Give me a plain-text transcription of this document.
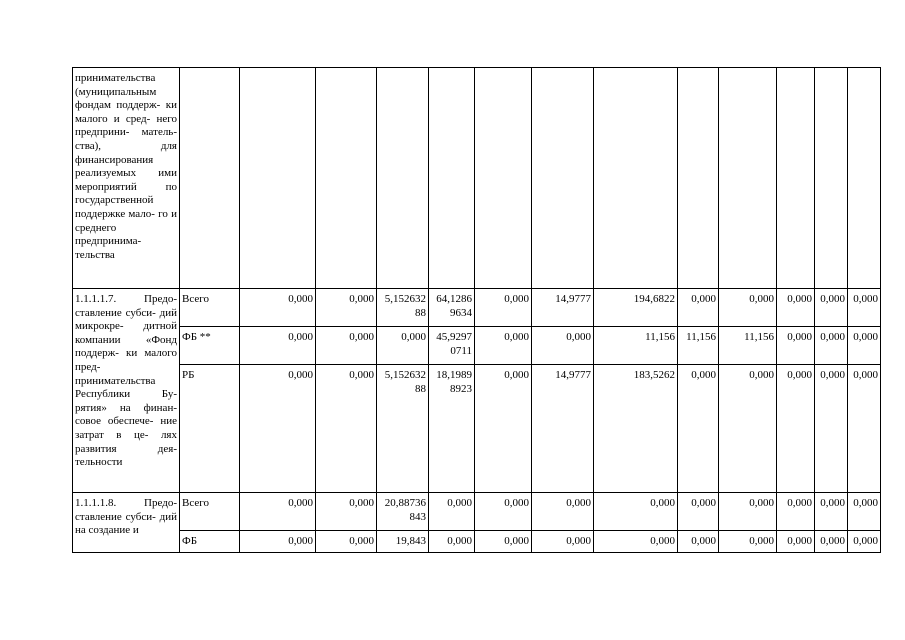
принимательства (муниципальным фондам поддерж- ки малого и сред- него предприни- мательства), для финансирования реализуемых ими мероприятий по государственной поддержке мало- го и среднего предпринима- тельства													
1.1.1.1.7. Предо- ставление субси- дий микрокре- дитной компании «Фонд поддерж- ки малого пред- принимательства Республики Бу- рятия» на финан- совое обеспече- ние затрат в це- лях развития дея- тельности	Всего	0,000	0,000	5,152632 88	64,1286 9634	0,000	14,9777	194,6822	0,000	0,000	0,000	0,000	0,000
	ФБ **	0,000	0,000	0,000	45,9297 0711	0,000	0,000	11,156	11,156	11,156	0,000	0,000	0,000
	РБ	0,000	0,000	5,152632 88	18,1989 8923	0,000	14,9777	183,5262	0,000	0,000	0,000	0,000	0,000
1.1.1.1.8. Предо- ставление субси- дий на создание и	Всего	0,000	0,000	20,88736 843	0,000	0,000	0,000	0,000	0,000	0,000	0,000	0,000	0,000
	ФБ	0,000	0,000	19,843	0,000	0,000	0,000	0,000	0,000	0,000	0,000	0,000	0,000
